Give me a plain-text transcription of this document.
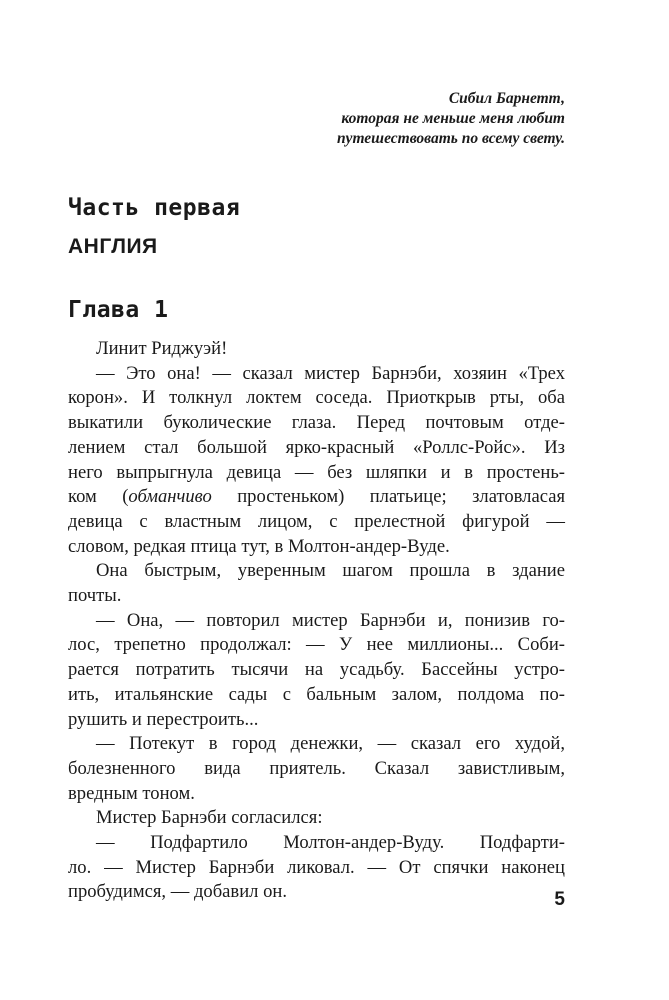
Сибил Барнетт,
которая не меньше меня любит
путешествовать по всему свету.
Часть первая
АНГЛИЯ
Глава 1
Линит Риджуэй!
— Это она! — сказал мистер Барнэби, хозяин «Трех
корон». И толкнул локтем соседа. Приоткрыв рты, оба
выкатили буколические глаза. Перед почтовым отде-
лением стал большой ярко-красный «Роллс-Ройс». Из
него выпрыгнула девица — без шляпки и в простень-
ком (обманчиво простеньком) платьице; златовласая
девица с властным лицом, с прелестной фигурой —
словом, редкая птица тут, в Молтон-андер-Вуде.
Она быстрым, уверенным шагом прошла в здание
почты.
— Она, — повторил мистер Барнэби и, понизив го-
лос, трепетно продолжал: — У нее миллионы... Соби-
рается потратить тысячи на усадьбу. Бассейны устро-
ить, итальянские сады с бальным залом, полдома по-
рушить и перестроить...
— Потекут в город денежки, — сказал его худой,
болезненного вида приятель. Сказал завистливым,
вредным тоном.
Мистер Барнэби согласился:
— Подфартило Молтон-андер-Вуду. Подфарти-
ло. — Мистер Барнэби ликовал. — От спячки наконец
пробудимся, — добавил он.	5
